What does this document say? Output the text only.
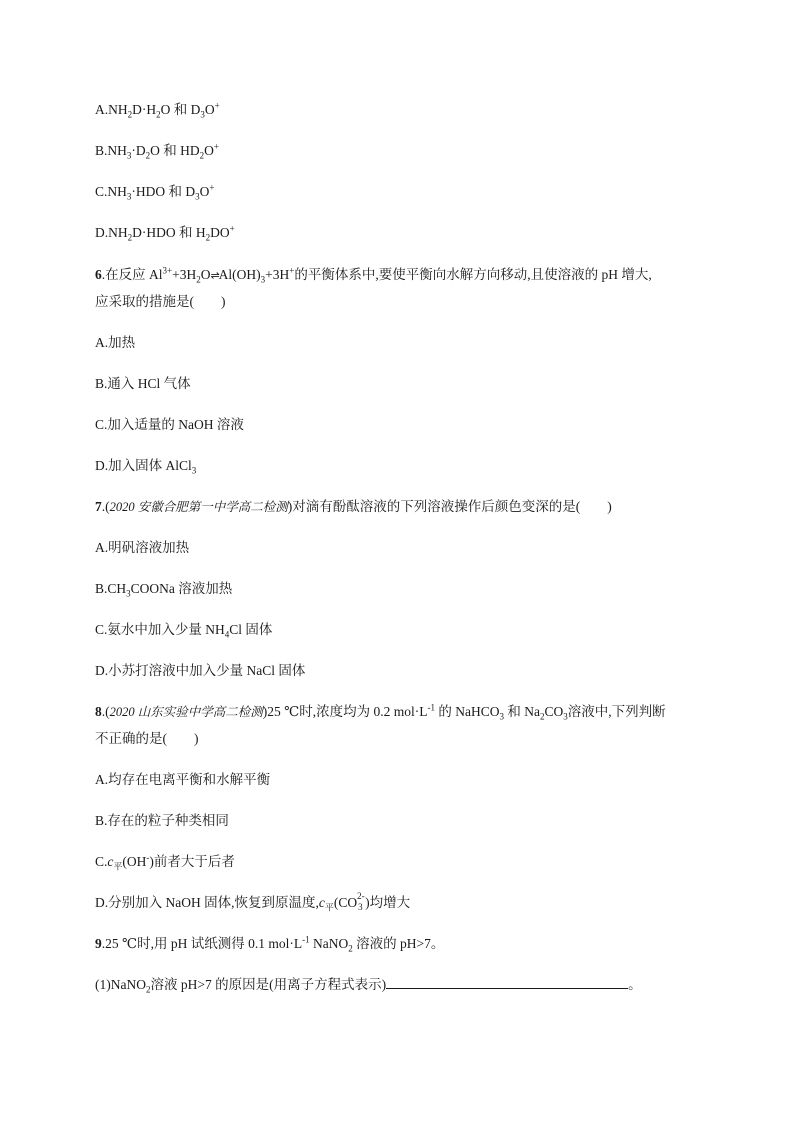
$A.NH_2D\cdot H_2O$ 和 $D_3O^+$
$B.NH_3\cdot D_2O$ 和 $HD_2O^+$
$C.NH_3\cdot HDO$ 和 $D_3O^+$
$D.NH_2D\cdot HDO$ 和 $H_2DO^+$
6.在反应 $Al^{3+}+3H_2O\rightleftharpoons Al(OH)_3+3H^+$的平衡体系中,要使平衡向水解方向移动,且使溶液的 pH 增大,
应采取的措施是(　　)
A.加热
B.通入 HCl 气体
C.加入适量的 NaOH 溶液
D.加入固体 AlCl$_3$
7.(2020 安徽合肥第一中学高二检测)对滴有酚酞溶液的下列溶液操作后颜色变深的是(　　)
A.明矾溶液加热
$B.CH_3COONa$ 溶液加热
C.氨水中加入少量 $NH_4Cl$ 固体
D.小苏打溶液中加入少量 NaCl 固体
8.(2020 山东实验中学高二检测)25 ℃时,浓度均为 0.2 $mol\cdot L^{-1}$ 的 NaHCO$_3$ 和 $Na_2CO_3$溶液中,下列判断
不正确的是(　　)
A.均存在电离平衡和水解平衡
B.存在的粒子种类相同
$C.c_平(OH^-)$前者大于后者
D.分别加入 NaOH 固体,恢复到原温度$,c_平(CO$ 2-
3 )均增大
9.25 ℃时,用 pH 试纸测得 0.1 $mol\cdot L^{-1}$ NaNO$_2$ 溶液的 pH>7。
(1)NaNO$_2$溶液 pH>7 的原因是(用离子方程式表示)	。
